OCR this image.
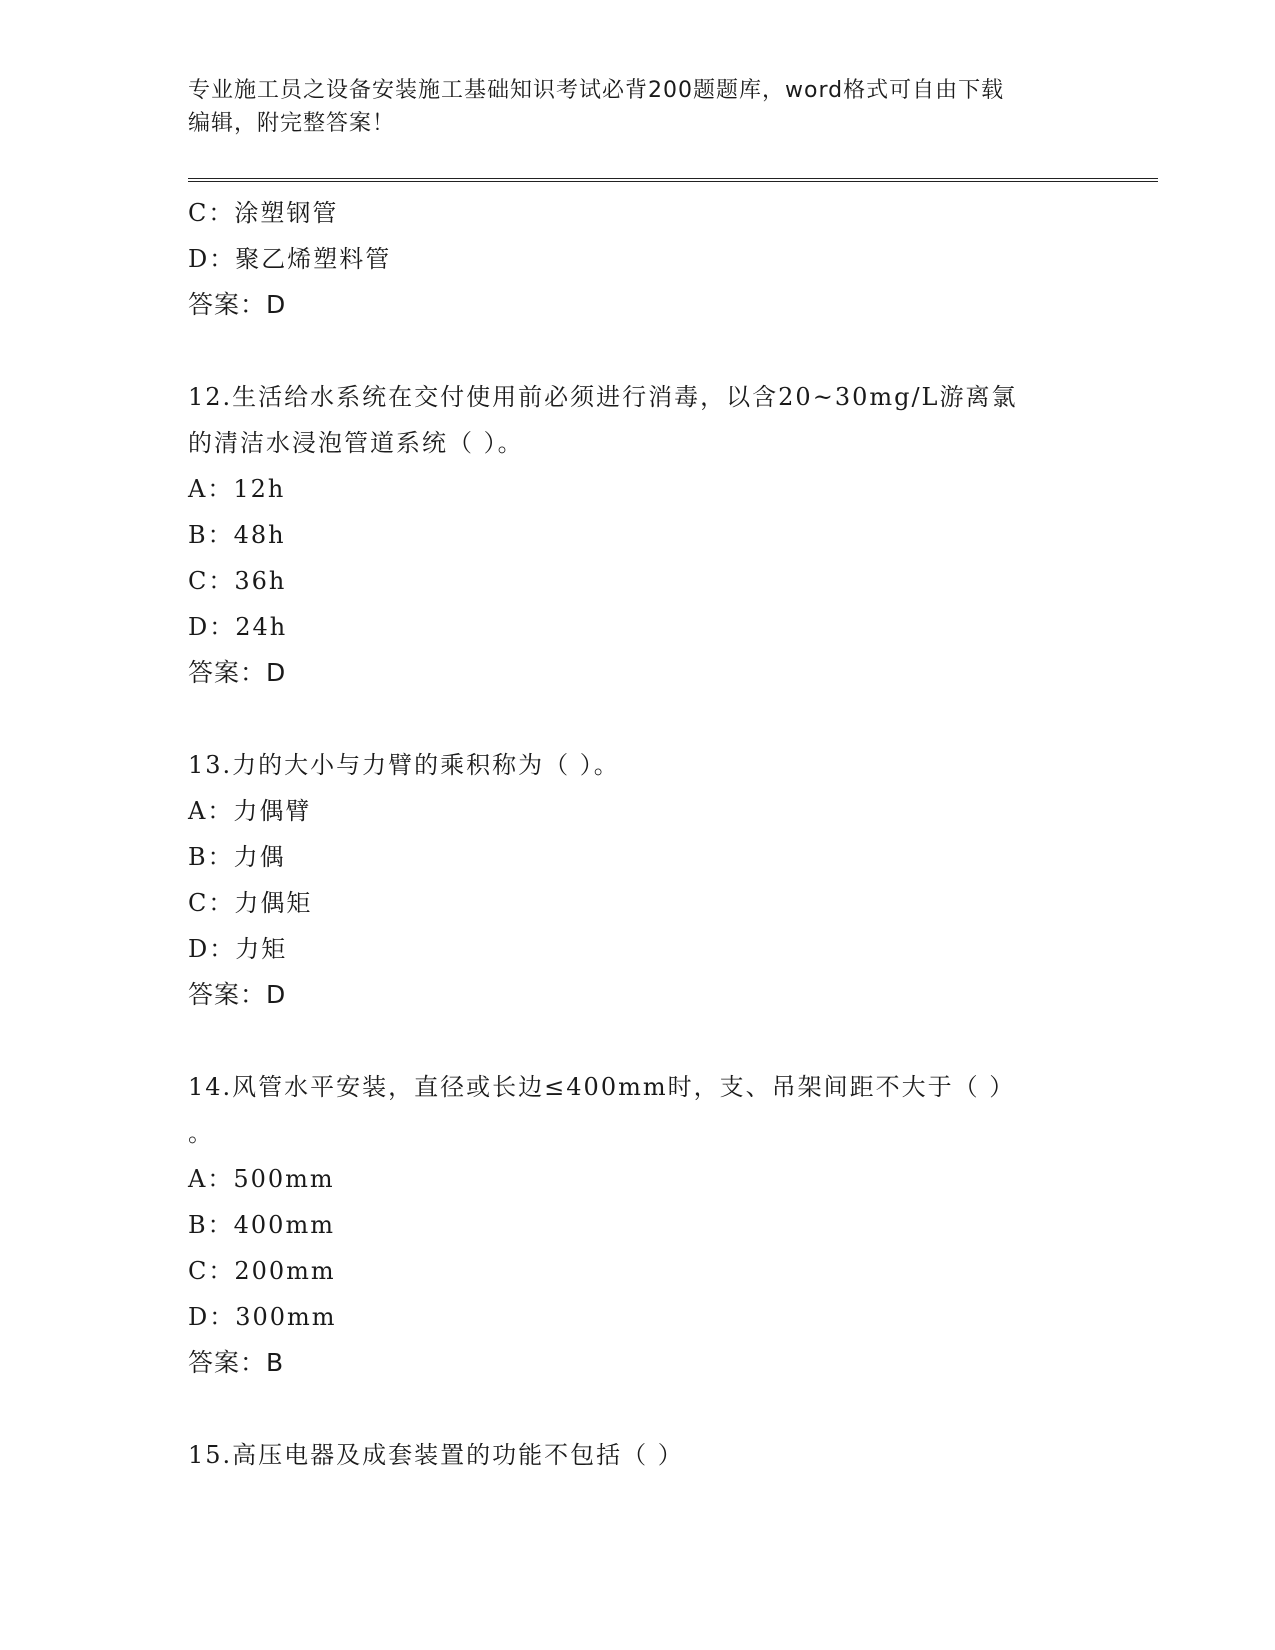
专业施工员之设备安装施工基础知识考试必背200题题库，word格式可自由下载
编辑，附完整答案！
C：涂塑钢管
D：聚乙烯塑料管
答案：D
12.生活给水系统在交付使用前必须进行消毒，以含20~30mg/L游离氯
的清洁水浸泡管道系统（ ）。
A：12h
B：48h
C：36h
D：24h
答案：D
13.力的大小与力臂的乘积称为（ ）。
A：力偶臂
B：力偶
C：力偶矩
D：力矩
答案：D
14.风管水平安装，直径或长边≤400mm时，支、吊架间距不大于（ ）
。
A：500mm
B：400mm
C：200mm
D：300mm
答案：B
15.高压电器及成套装置的功能不包括（ ）
